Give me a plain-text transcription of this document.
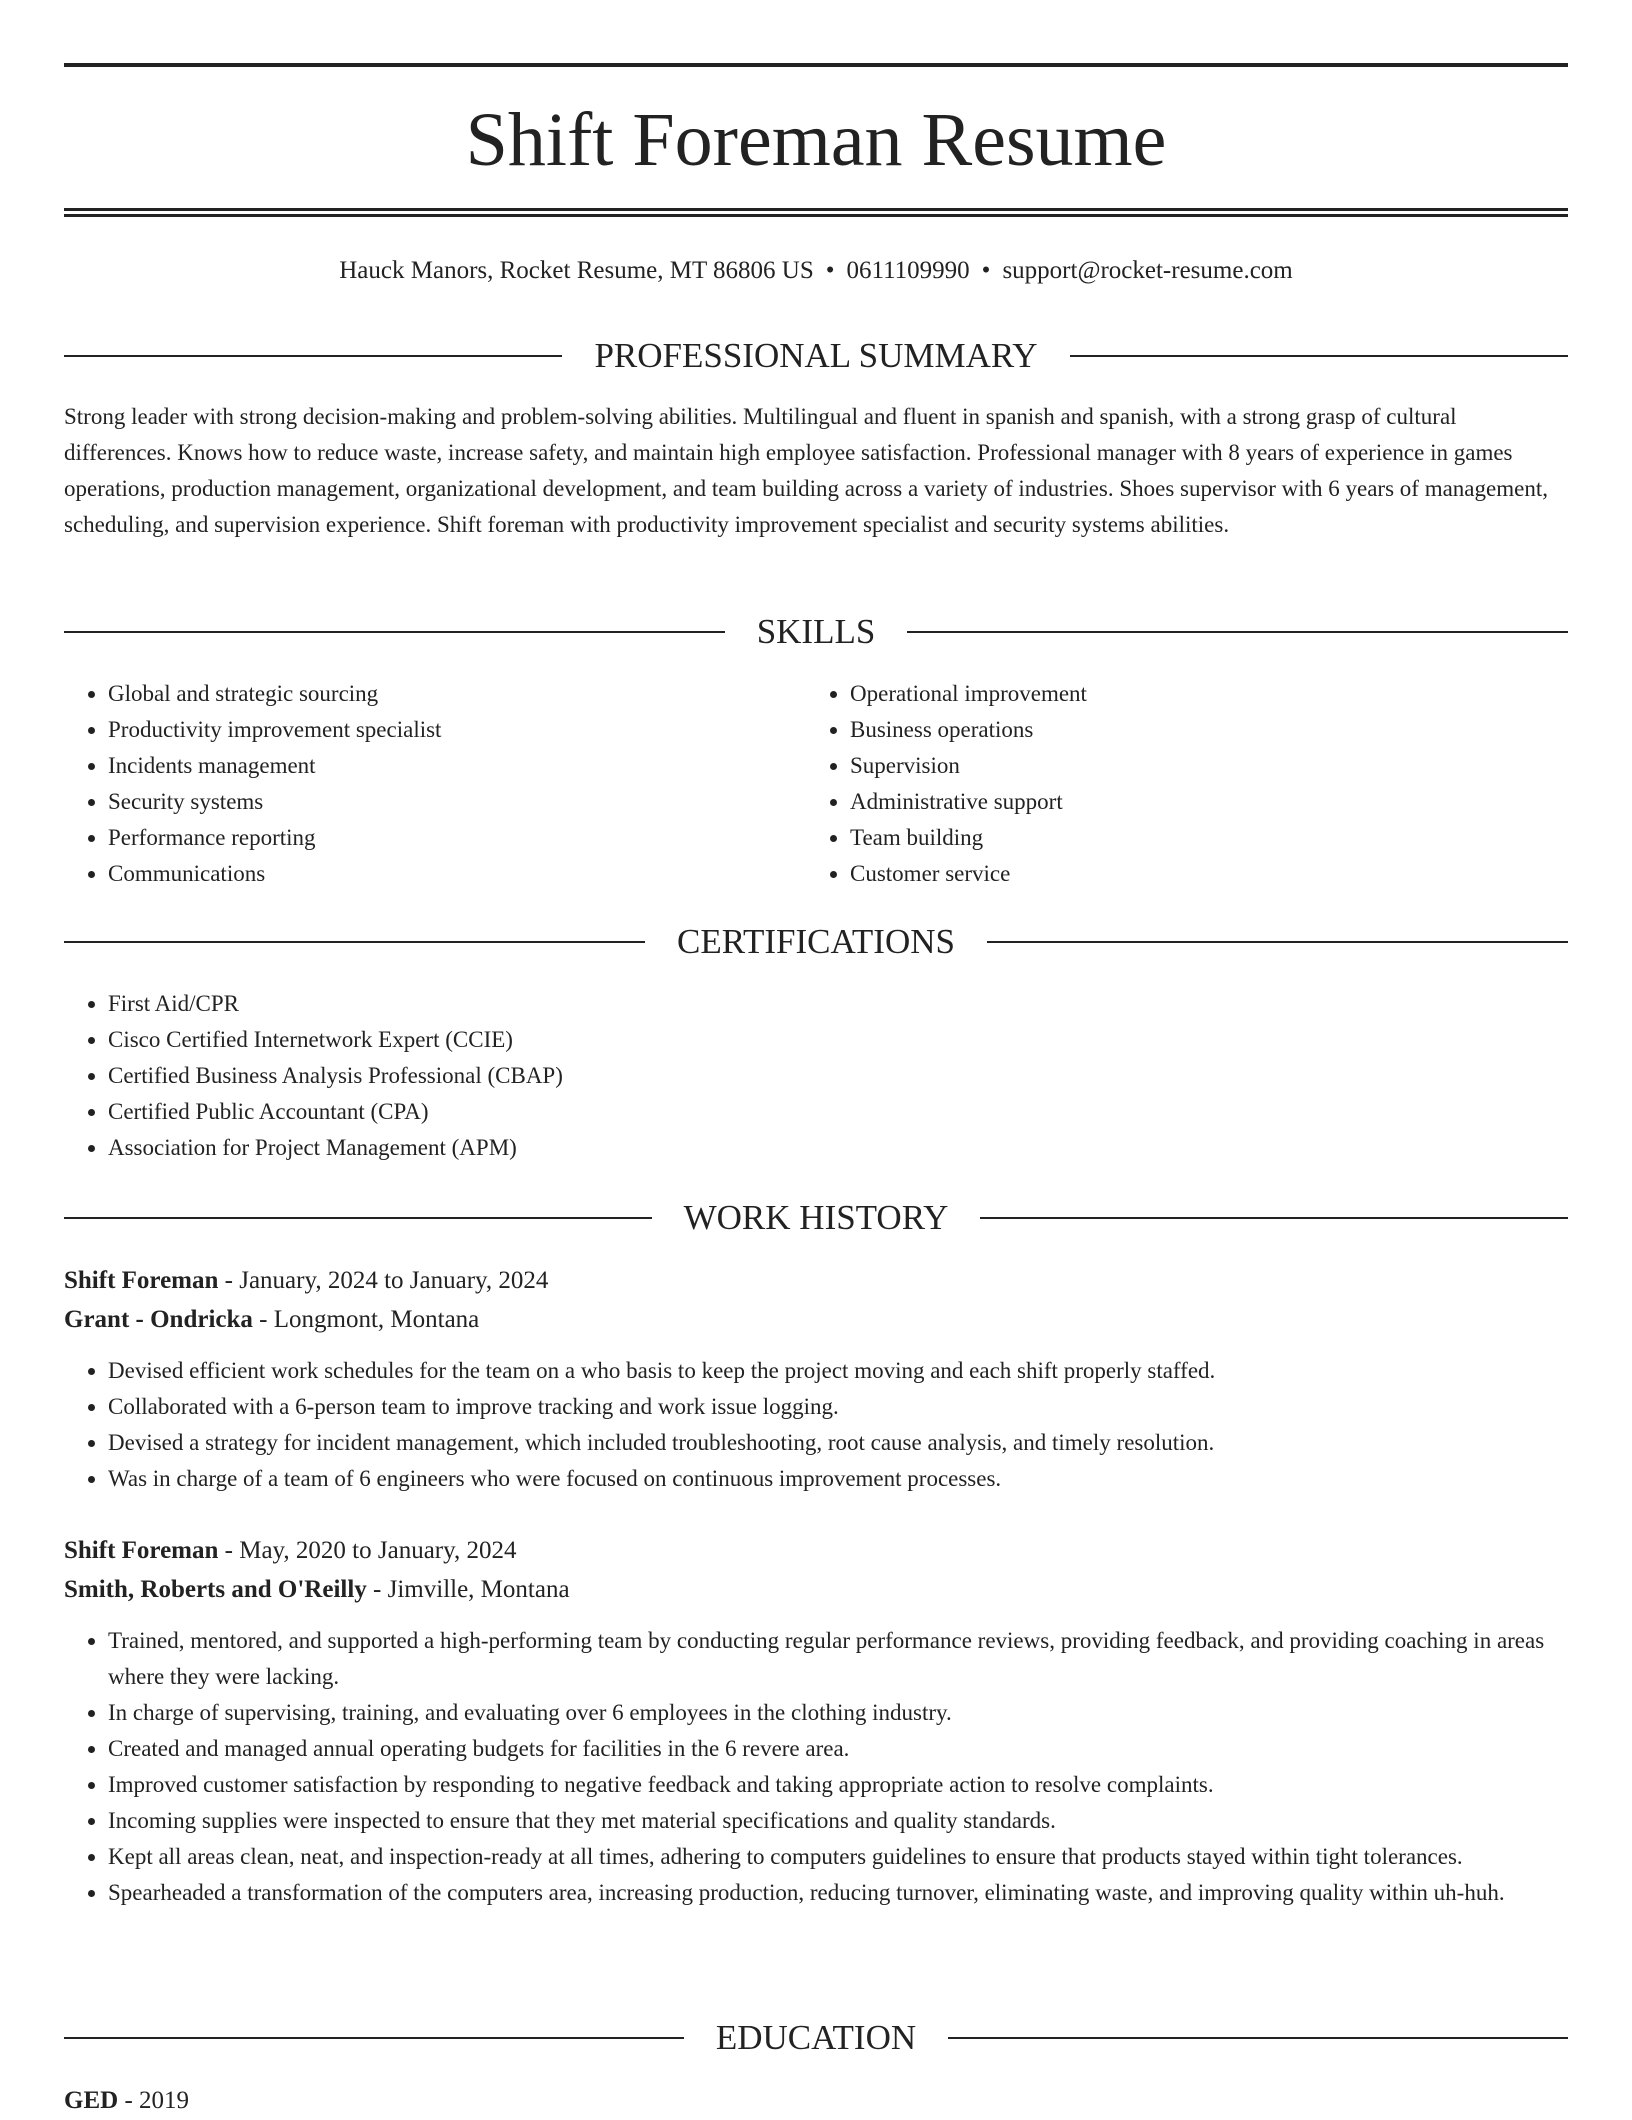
Shift Foreman Resume
Hauck Manors, Rocket Resume, MT 86806 US • 0611109990 • support@rocket-resume.com
PROFESSIONAL SUMMARY

Strong leader with strong decision-making and problem-solving abilities. Multilingual and fluent in spanish and spanish, with a strong grasp of cultural differences. Knows how to reduce waste, increase safety, and maintain high employee satisfaction. Professional manager with 8 years of experience in games operations, production management, organizational development, and team building across a variety of industries. Shoes supervisor with 6 years of management, scheduling, and supervision experience. Shift foreman with productivity improvement specialist and security systems abilities.

SKILLS
• Global and strategic sourcing
• Productivity improvement specialist
• Incidents management
• Security systems
• Performance reporting
• Communications
• Operational improvement
• Business operations
• Supervision
• Administrative support
• Team building
• Customer service
CERTIFICATIONS
• First Aid/CPR
• Cisco Certified Internetwork Expert (CCIE)
• Certified Business Analysis Professional (CBAP)
• Certified Public Accountant (CPA)
• Association for Project Management (APM)
WORK HISTORY
Shift Foreman - January, 2024 to January, 2024
Grant - Ondricka - Longmont, Montana
• Devised efficient work schedules for the team on a who basis to keep the project moving and each shift properly staffed.
• Collaborated with a 6-person team to improve tracking and work issue logging.
• Devised a strategy for incident management, which included troubleshooting, root cause analysis, and timely resolution.
• Was in charge of a team of 6 engineers who were focused on continuous improvement processes.
Shift Foreman - May, 2020 to January, 2024
Smith, Roberts and O'Reilly - Jimville, Montana
• Trained, mentored, and supported a high-performing team by conducting regular performance reviews, providing feedback, and providing coaching in areas where they were lacking.
• In charge of supervising, training, and evaluating over 6 employees in the clothing industry.
• Created and managed annual operating budgets for facilities in the 6 revere area.
• Improved customer satisfaction by responding to negative feedback and taking appropriate action to resolve complaints.
• Incoming supplies were inspected to ensure that they met material specifications and quality standards.
• Kept all areas clean, neat, and inspection-ready at all times, adhering to computers guidelines to ensure that products stayed within tight tolerances.
• Spearheaded a transformation of the computers area, increasing production, reducing turnover, eliminating waste, and improving quality within uh-huh.
EDUCATION
GED - 2019
